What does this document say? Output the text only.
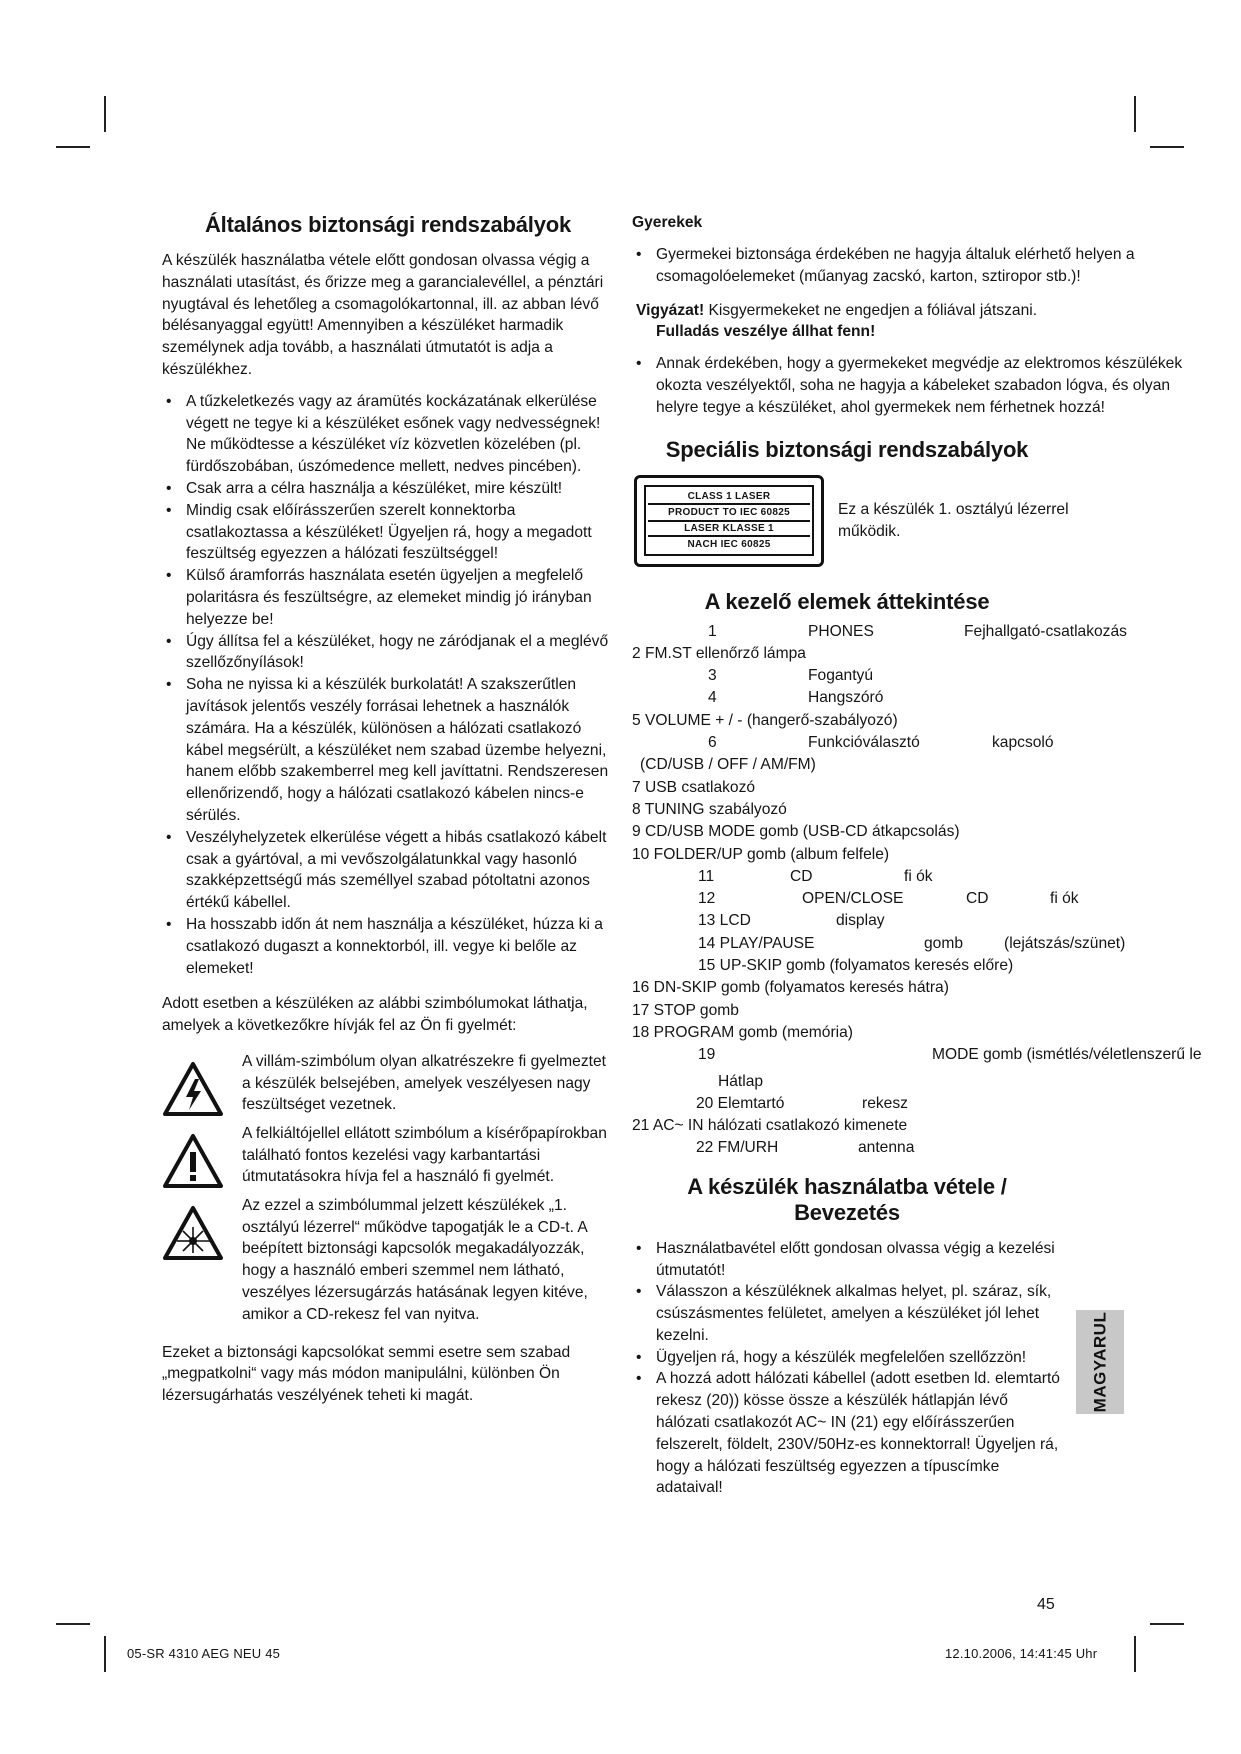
Általános biztonsági rendszabályok

A készülék használatba vétele előtt gondosan olvassa végig a használati utasítást, és őrizze meg a garancialevéllel, a pénztári nyugtával és lehetőleg a csomagolókartonnal, ill. az abban lévő bélésanyaggal együtt! Amennyiben a készüléket harmadik személynek adja tovább, a használati útmutatót is adja a készülékhez.

• A tűzkeletkezés vagy az áramütés kockázatának elkerülése végett ne tegye ki a készüléket esőnek vagy nedvességnek! Ne működtesse a készüléket víz közvetlen közelében (pl. fürdőszobában, úszómedence mellett, nedves pincében).
• Csak arra a célra használja a készüléket, mire készült!
• Mindig csak előírásszerűen szerelt konnektorba csatlakoztassa a készüléket! Ügyeljen rá, hogy a megadott feszültség egyezzen a hálózati feszültséggel!
• Külső áramforrás használata esetén ügyeljen a megfelelő polaritásra és feszültségre, az elemeket mindig jó irányban helyezze be!
• Úgy állítsa fel a készüléket, hogy ne záródjanak el a meglévő szellőzőnyílások!
• Soha ne nyissa ki a készülék burkolatát! A szakszerűtlen javítások jelentős veszély forrásai lehetnek a használók számára. Ha a készülék, különösen a hálózati csatlakozó kábel megsérült, a készüléket nem szabad üzembe helyezni, hanem előbb szakemberrel meg kell javíttatni. Rendszeresen ellenőrizendő, hogy a hálózati csatlakozó kábelen nincs-e sérülés.
• Veszélyhelyzetek elkerülése végett a hibás csatlakozó kábelt csak a gyártóval, a mi vevőszolgálatunkkal vagy hasonló szakképzettségű más személlyel szabad pótoltatni azonos értékű kábellel.
• Ha hosszabb időn át nem használja a készüléket, húzza ki a csatlakozó dugaszt a konnektorból, ill. vegye ki belőle az elemeket!

Adott esetben a készüléken az alábbi szimbólumokat láthatja, amelyek a következőkre hívják fel az Ön fi gyelmét:

A villám-szimbólum olyan alkatrészekre fi gyelmeztet a készülék belsejében, amelyek veszélyesen nagy feszültséget vezetnek.
A felkiáltójellel ellátott szimbólum a kísérőpapírokban található fontos kezelési vagy karbantartási útmutatásokra hívja fel a használó fi gyelmét.
Az ezzel a szimbólummal jelzett készülékek „1. osztályú lézerrel“ működve tapogatják le a CD-t. A beépített biztonsági kapcsolók megakadályozzák, hogy a használó emberi szemmel nem látható, veszélyes lézersugárzás hatásának legyen kitéve, amikor a CD-rekesz fel van nyitva.

Ezeket a biztonsági kapcsolókat semmi esetre sem szabad „megpatkolni“ vagy más módon manipulálni, különben Ön lézersugárhatás veszélyének teheti ki magát.

Gyerekek
• Gyermekei biztonsága érdekében ne hagyja általuk elérhető helyen a csomagolóelemeket (műanyag zacskó, karton, sztiropor stb.)!

Vigyázat! Kisgyermekeket ne engedjen a fóliával játszani.
Fulladás veszélye állhat fenn!

• Annak érdekében, hogy a gyermekeket megvédje az elektromos készülékek okozta veszélyektől, soha ne hagyja a kábeleket szabadon lógva, és olyan helyre tegye a készüléket, ahol gyermekek nem férhetnek hozzá!
Speciális biztonsági rendszabályok
CLASS 1 LASER
PRODUCT TO IEC 60825
LASER KLASSE 1
NACH IEC 60825
Ez a készülék 1. osztályú lézerrel működik.
A kezelő elemek áttekintése
1	PHONES	Fejhallgató-csatlakozás
2 FM.ST ellenőrző lámpa
3	Fogantyú
4	Hangszóró
5 VOLUME + / - (hangerő-szabályozó)
6	Funkcióválasztó	kapcsoló
(CD/USB / OFF / AM/FM)
7 USB csatlakozó
8 TUNING szabályozó
9 CD/USB MODE gomb (USB-CD átkapcsolás)
10 FOLDER/UP gomb (album felfele)
11	CD	fi ók
12	OPEN/CLOSE	CD	fi ók
13 LCD	display
14 PLAY/PAUSE	gomb	(lejátszás/szünet)
15 UP-SKIP gomb (folyamatos keresés előre)
16 DN-SKIP gomb (folyamatos keresés hátra)
17 STOP gomb
18 PROGRAM gomb (memória)
19	MODE gomb (ismétlés/véletlenszerű le
Hátlap
20 Elemtartó	rekesz
21 AC~ IN hálózati csatlakozó kimenete
22 FM/URH	antenna
A készülék használatba vétele / Bevezetés
• Használatbavétel előtt gondosan olvassa végig a kezelési útmutatót!
• Válasszon a készüléknek alkalmas helyet, pl. száraz, sík, csúszásmentes felületet, amelyen a készüléket jól lehet kezelni.
• Ügyeljen rá, hogy a készülék megfelelően szellőzzön!
• A hozzá adott hálózati kábellel (adott esetben ld. elemtartó rekesz (20)) kösse össze a készülék hátlapján lévő hálózati csatlakozót AC~ IN (21) egy előírásszerűen felszerelt, földelt, 230V/50Hz-es konnektorral! Ügyeljen rá, hogy a hálózati feszültség egyezzen a típuscímke adataival!
MAGYARUL
45
05-SR 4310 AEG NEU 45	12.10.2006, 14:41:45 Uhr
